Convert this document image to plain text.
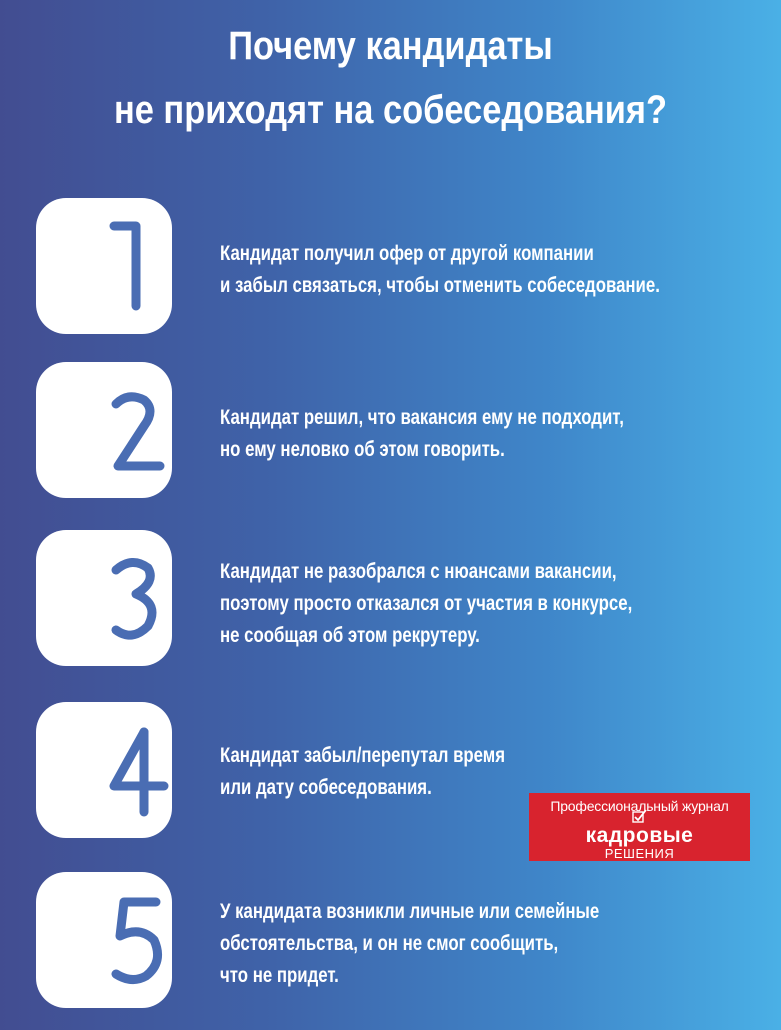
Почему кандидаты
не приходят на собеседования?
Кандидат получил офер от другой компании
и забыл связаться, чтобы отменить собеседование.
Кандидат решил, что вакансия ему не подходит,
но ему неловко об этом говорить.
Кандидат не разобрался с нюансами вакансии,
поэтому просто отказался от участия в конкурсе,
не сообщая об этом рекрутеру.
Кандидат забыл/перепутал время
или дату собеседования.
У кандидата возникли личные или семейные
обстоятельства, и он не смог сообщить,
что не придет.
Профессиональный журнал
кадровые
РЕШЕНИЯ
